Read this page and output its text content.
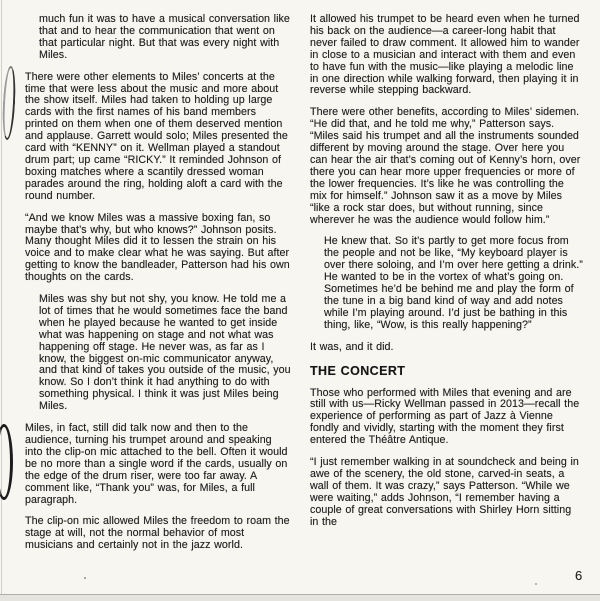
much fun it was to have a musical conversation like that and to hear the communication that went on that particular night. But that was every night with Miles.

There were other elements to Miles’ concerts at the time that were less about the music and more about the show itself. Miles had taken to holding up large cards with the first names of his band members printed on them when one of them deserved mention and applause. Garrett would solo; Miles presented the card with “KENNY” on it. Wellman played a standout drum part; up came “RICKY.” It reminded Johnson of boxing matches where a scantily dressed woman parades around the ring, holding aloft a card with the round number.

“And we know Miles was a massive boxing fan, so maybe that’s why, but who knows?” Johnson posits. Many thought Miles did it to lessen the strain on his voice and to make clear what he was saying. But after getting to know the bandleader, Patterson had his own thoughts on the cards.

Miles was shy but not shy, you know. He told me a lot of times that he would sometimes face the band when he played because he wanted to get inside what was happening on stage and not what was happening off stage. He never was, as far as I know, the biggest on-mic communicator anyway, and that kind of takes you outside of the music, you know. So I don’t think it had anything to do with something physical. I think it was just Miles being Miles.

Miles, in fact, still did talk now and then to the audience, turning his trumpet around and speaking into the clip-on mic attached to the bell. Often it would be no more than a single word if the cards, usually on the edge of the drum riser, were too far away. A comment like, “Thank you” was, for Miles, a full paragraph.

The clip-on mic allowed Miles the freedom to roam the stage at will, not the normal behavior of most musicians and certainly not in the jazz world.

It allowed his trumpet to be heard even when he turned his back on the audience—a career-long habit that never failed to draw comment. It allowed him to wander in close to a musician and interact with them and even to have fun with the music—like playing a melodic line in one direction while walking forward, then playing it in reverse while stepping backward.

There were other benefits, according to Miles’ sidemen. “He did that, and he told me why,” Patterson says. “Miles said his trumpet and all the instruments sounded different by moving around the stage. Over here you can hear the air that’s coming out of Kenny’s horn, over there you can hear more upper frequencies or more of the lower frequencies. It’s like he was controlling the mix for himself.” Johnson saw it as a move by Miles “like a rock star does, but without running, since wherever he was the audience would follow him.”

He knew that. So it’s partly to get more focus from the people and not be like, “My keyboard player is over there soloing, and I’m over here getting a drink.” He wanted to be in the vortex of what’s going on. Sometimes he’d be behind me and play the form of the tune in a big band kind of way and add notes while I’m playing around. I’d just be bathing in this thing, like, “Wow, is this really happening?”

It was, and it did.

THE CONCERT

Those who performed with Miles that evening and are still with us—Ricky Wellman passed in 2013—recall the experience of performing as part of Jazz à Vienne fondly and vividly, starting with the moment they first entered the Théâtre Antique.

“I just remember walking in at soundcheck and being in awe of the scenery, the old stone, carved-in seats, a wall of them. It was crazy,” says Patterson. “While we were waiting,” adds Johnson, “I remember having a couple of great conversations with Shirley Horn sitting in the

6
